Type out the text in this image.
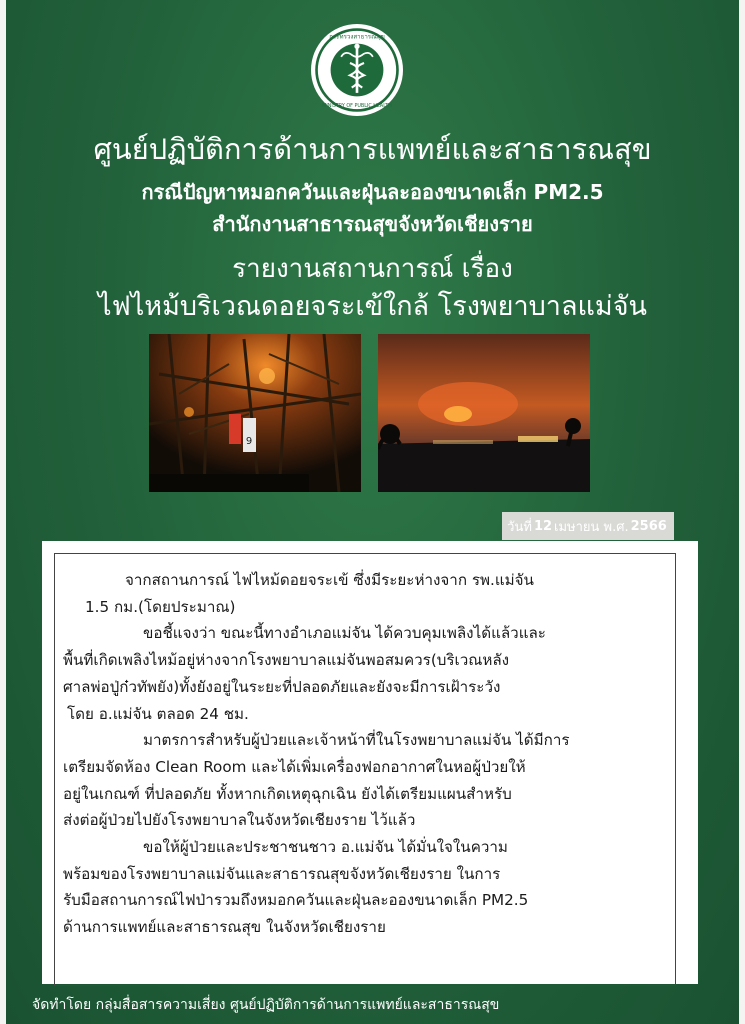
กระทรวงสาธารณสุข
MINISTRY OF PUBLIC HEALTH
ศูนย์ปฏิบัติการด้านการแพทย์และสาธารณสุข
กรณีปัญหาหมอกควันและฝุ่นละอองขนาดเล็ก PM2.5
สำนักงานสาธารณสุขจังหวัดเชียงราย
รายงานสถานการณ์ เรื่อง
ไฟไหม้บริเวณดอยจระเข้ใกล้ โรงพยาบาลแม่จัน
9
วันที่ 12 เมษายน พ.ศ. 2566
จากสถานการณ์ ไฟไหม้ดอยจระเข้ ซึ่งมีระยะห่างจาก รพ.แม่จัน
1.5 กม.(โดยประมาณ)
ขอชี้แจงว่า ขณะนี้ทางอำเภอแม่จัน ได้ควบคุมเพลิงได้แล้วและ
พื้นที่เกิดเพลิงไหม้อยู่ห่างจากโรงพยาบาลแม่จันพอสมควร(บริเวณหลัง
ศาลพ่อปู่ก๋วทัพยัง)ทั้งยังอยู่ในระยะที่ปลอดภัยและยังจะมีการเฝ้าระวัง
โดย อ.แม่จัน ตลอด 24 ชม.
มาตรการสำหรับผู้ป่วยและเจ้าหน้าที่ในโรงพยาบาลแม่จัน ได้มีการ
เตรียมจัดห้อง Clean Room และได้เพิ่มเครื่องฟอกอากาศในหอผู้ป่วยให้
อยู่ในเกณฑ์ ที่ปลอดภัย ทั้งหากเกิดเหตุฉุกเฉิน ยังได้เตรียมแผนสำหรับ
ส่งต่อผู้ป่วยไปยังโรงพยาบาลในจังหวัดเชียงราย ไว้แล้ว
ขอให้ผู้ป่วยและประชาชนชาว อ.แม่จัน ได้มั่นใจในความ
พร้อมของโรงพยาบาลแม่จันและสาธารณสุขจังหวัดเชียงราย ในการ
รับมือสถานการณ์ไฟป่ารวมถึงหมอกควันและฝุ่นละอองขนาดเล็ก PM2.5
ด้านการแพทย์และสาธารณสุข ในจังหวัดเชียงราย
จัดทำโดย กลุ่มสื่อสารความเสี่ยง ศูนย์ปฏิบัติการด้านการแพทย์และสาธารณสุข
